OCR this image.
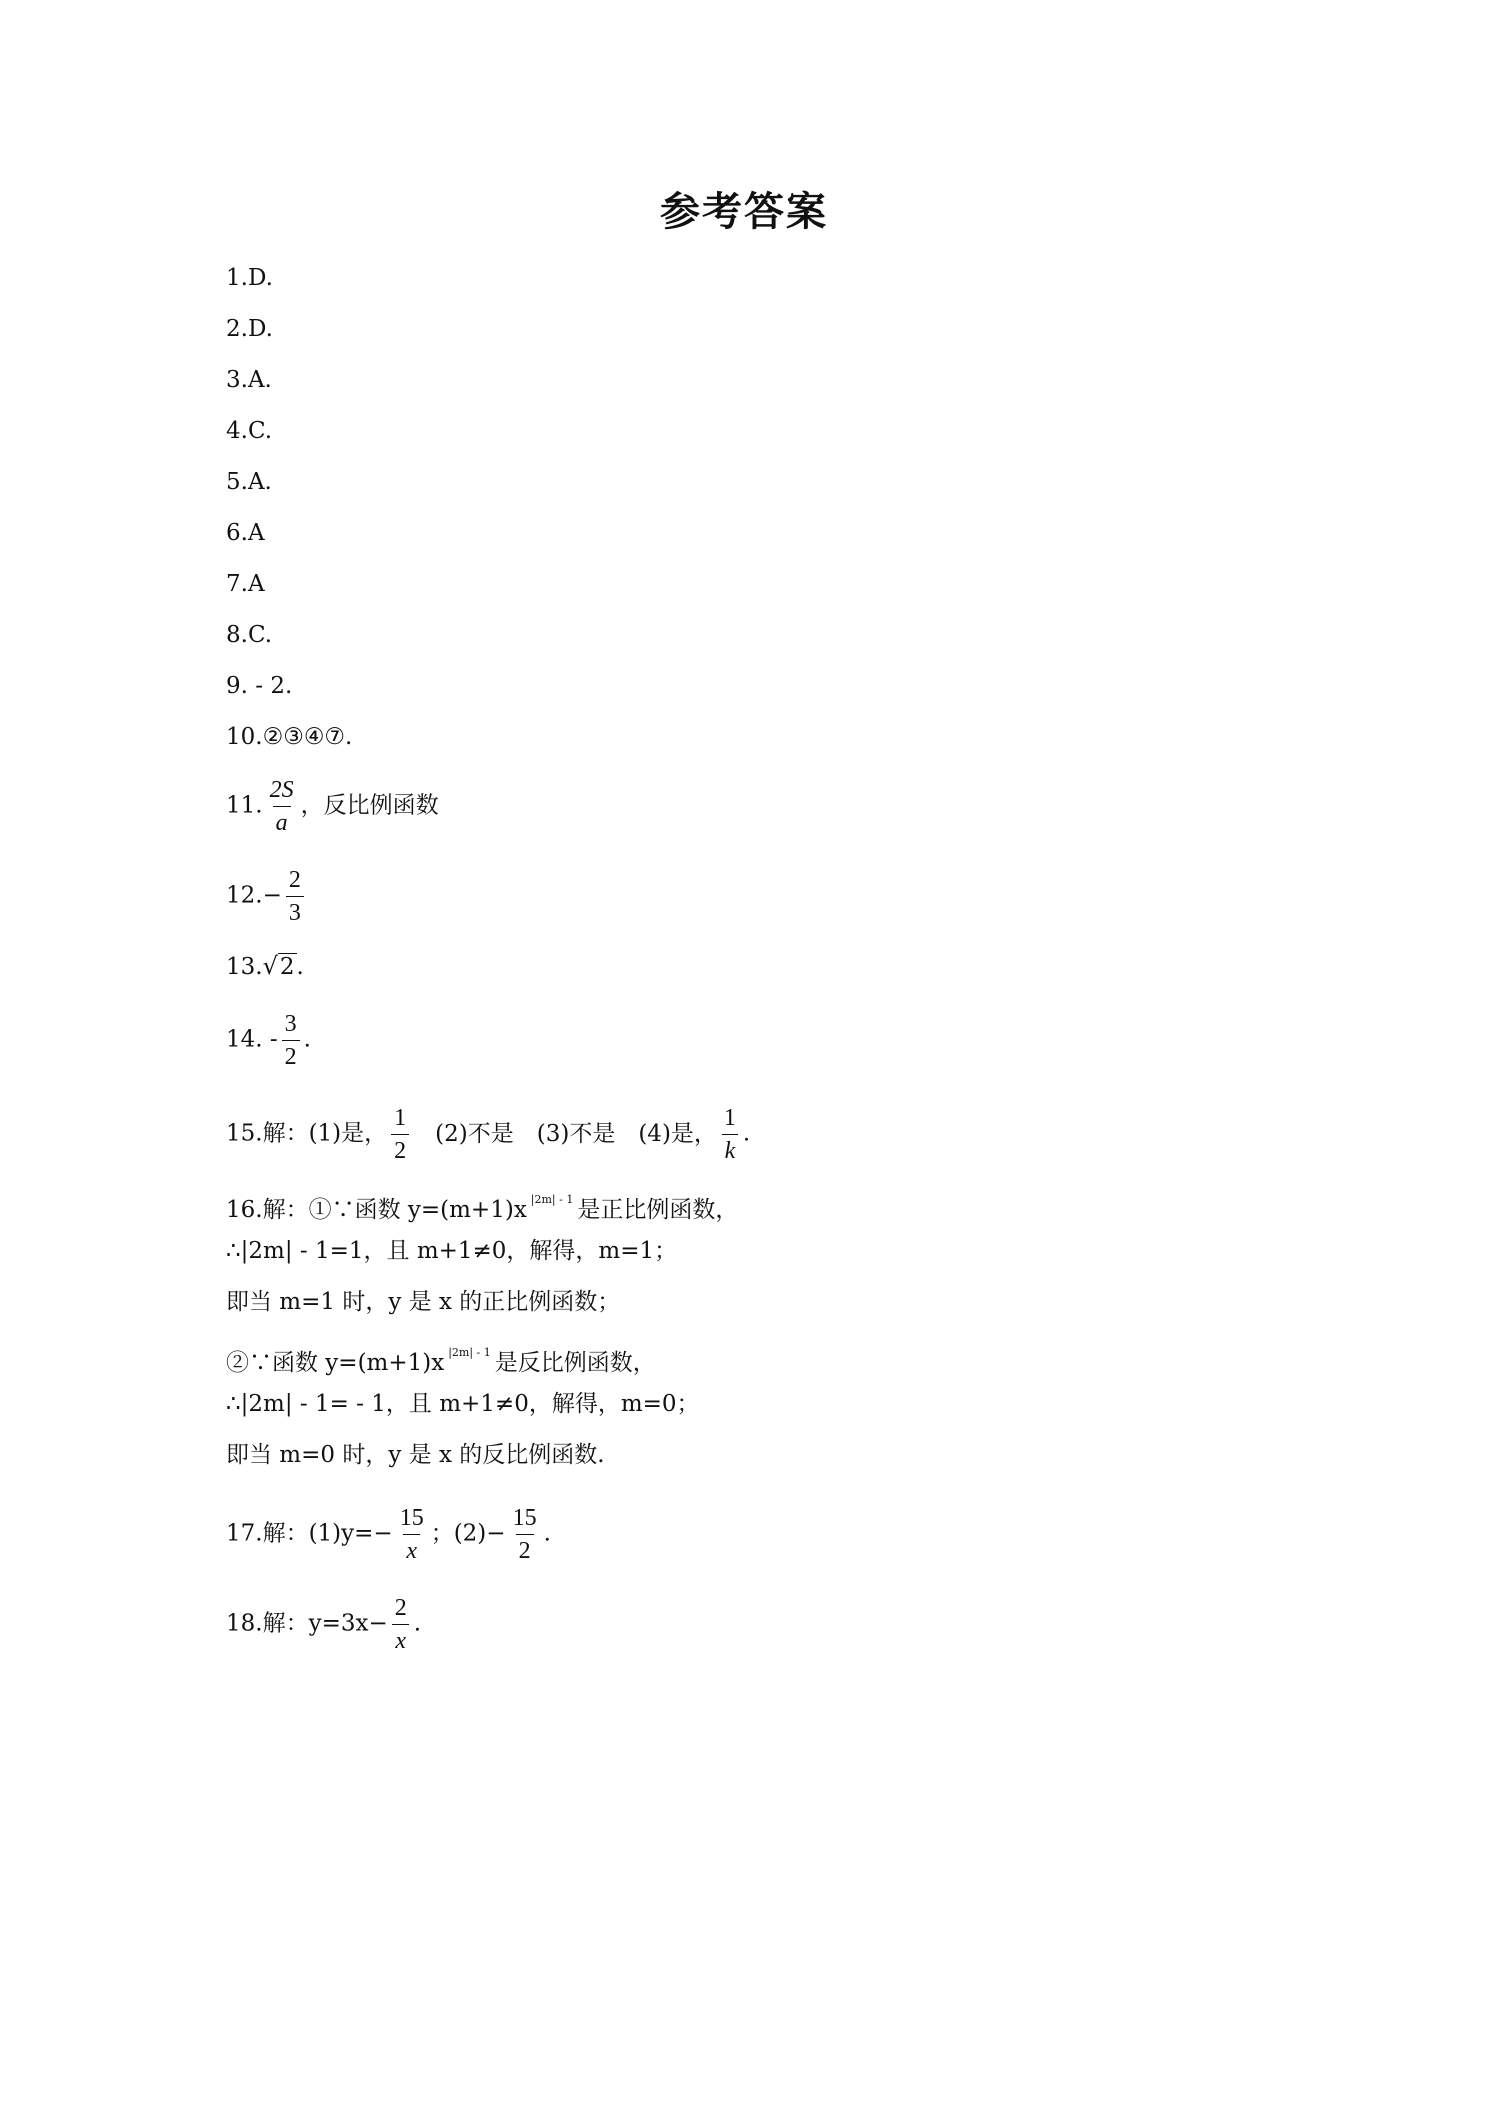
参考答案
1.D.
2.D.
3.A.
4.C.
5.A.
6.A
7.A
8.C.
9. - 2.
10.②③④⑦.
11. $\frac{2S}{a}$ ，反比例函数
$12.- \frac{2}{3}$
13.√2.
14. - $\frac{3}{2}$ .
15.解：(1)是， $\frac{1}{2} (2)$不是　(3)不是　(4)是， $\frac{1}{k}$ .
16.解：①∵函数 y=(m+1)x $^{|2m| - 1}$ 是正比例函数，
∴|2m| - 1=1，且 m+1≠0，解得，m=1；
即当 m=1 时，y 是 x 的正比例函数；
②∵函数 y=(m+1)x $^{|2m| - 1}$ 是反比例函数，
∴|2m| - 1= - 1，且 m+1≠0，解得，m=0；
即当 m=0 时，y 是 x 的反比例函数.
17.解：$(1)y=- \frac{15}{x}$ ；$(2)- \frac{15}{2}$ .
18.解：$y=3x- \frac{2}{x}$ .
